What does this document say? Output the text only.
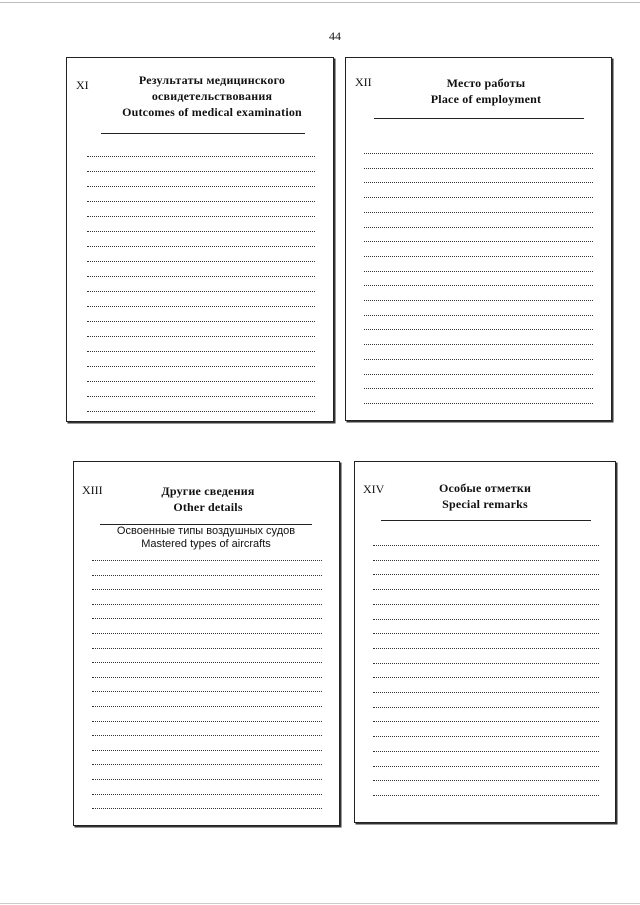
44
XI	Результаты медицинского
освидетельствования
Outcomes of medical examination
XII	Место работы
Place of employment
XIII	Другие сведения
Other details
Освоенные типы воздушных судов
Mastered types of aircrafts
XIV	Особые отметки
Special remarks
